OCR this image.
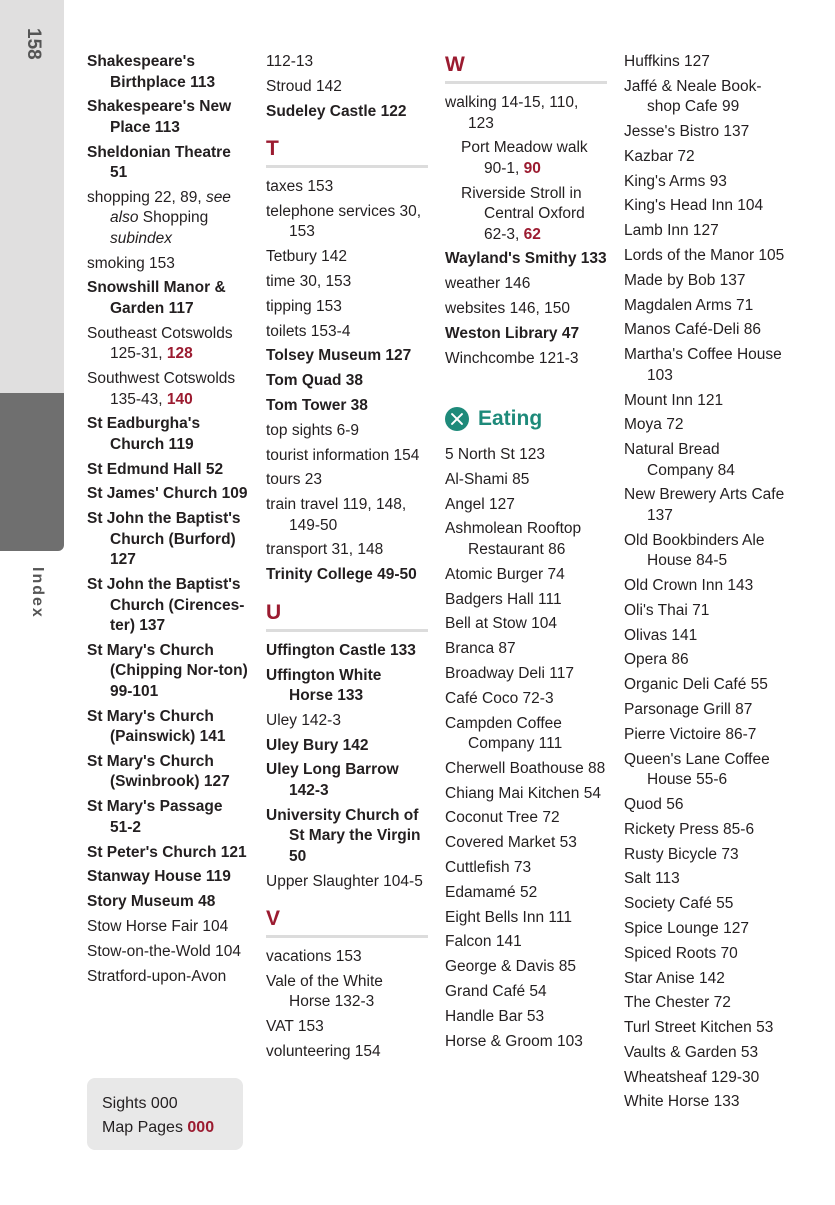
158
Index
Shakespeare's Birthplace 113
Shakespeare's New Place 113
Sheldonian Theatre 51
shopping 22, 89, see also Shopping subindex
smoking 153
Snowshill Manor & Garden 117
Southeast Cotswolds 125-31, 128
Southwest Cotswolds 135-43, 140
St Eadburgha's Church 119
St Edmund Hall 52
St James' Church 109
St John the Baptist's Church (Burford) 127
St John the Baptist's Church (Cirences-ter) 137
St Mary's Church (Chipping Nor-ton) 99-101
St Mary's Church (Painswick) 141
St Mary's Church (Swinbrook) 127
St Mary's Passage 51-2
St Peter's Church 121
Stanway House 119
Story Museum 48
Stow Horse Fair 104
Stow-on-the-Wold 104
Stratford-upon-Avon
112-13
Stroud 142
Sudeley Castle 122
T
taxes 153
telephone services 30, 153
Tetbury 142
time 30, 153
tipping 153
toilets 153-4
Tolsey Museum 127
Tom Quad 38
Tom Tower 38
top sights 6-9
tourist information 154
tours 23
train travel 119, 148, 149-50
transport 31, 148
Trinity College 49-50
U
Uffington Castle 133
Uffington White Horse 133
Uley 142-3
Uley Bury 142
Uley Long Barrow 142-3
University Church of St Mary the Virgin 50
Upper Slaughter 104-5
V
vacations 153
Vale of the White Horse 132-3
VAT 153
volunteering 154
W
walking 14-15, 110, 123
Port Meadow walk 90-1, 90
Riverside Stroll in Central Oxford 62-3, 62
Wayland's Smithy 133
weather 146
websites 146, 150
Weston Library 47
Winchcombe 121-3
Eating
5 North St 123
Al-Shami 85
Angel 127
Ashmolean Rooftop Restaurant 86
Atomic Burger 74
Badgers Hall 111
Bell at Stow 104
Branca 87
Broadway Deli 117
Café Coco 72-3
Campden Coffee Company 111
Cherwell Boathouse 88
Chiang Mai Kitchen 54
Coconut Tree 72
Covered Market 53
Cuttlefish 73
Edamamé 52
Eight Bells Inn 111
Falcon 141
George & Davis 85
Grand Café 54
Handle Bar 53
Horse & Groom 103
Huffkins 127
Jaffé & Neale Book-shop Cafe 99
Jesse's Bistro 137
Kazbar 72
King's Arms 93
King's Head Inn 104
Lamb Inn 127
Lords of the Manor 105
Made by Bob 137
Magdalen Arms 71
Manos Café-Deli 86
Martha's Coffee House 103
Mount Inn 121
Moya 72
Natural Bread Company 84
New Brewery Arts Cafe 137
Old Bookbinders Ale House 84-5
Old Crown Inn 143
Oli's Thai 71
Olivas 141
Opera 86
Organic Deli Café 55
Parsonage Grill 87
Pierre Victoire 86-7
Queen's Lane Coffee House 55-6
Quod 56
Rickety Press 85-6
Rusty Bicycle 73
Salt 113
Society Café 55
Spice Lounge 127
Spiced Roots 70
Star Anise 142
The Chester 72
Turl Street Kitchen 53
Vaults & Garden 53
Wheatsheaf 129-30
White Horse 133
Sights 000
Map Pages 000
